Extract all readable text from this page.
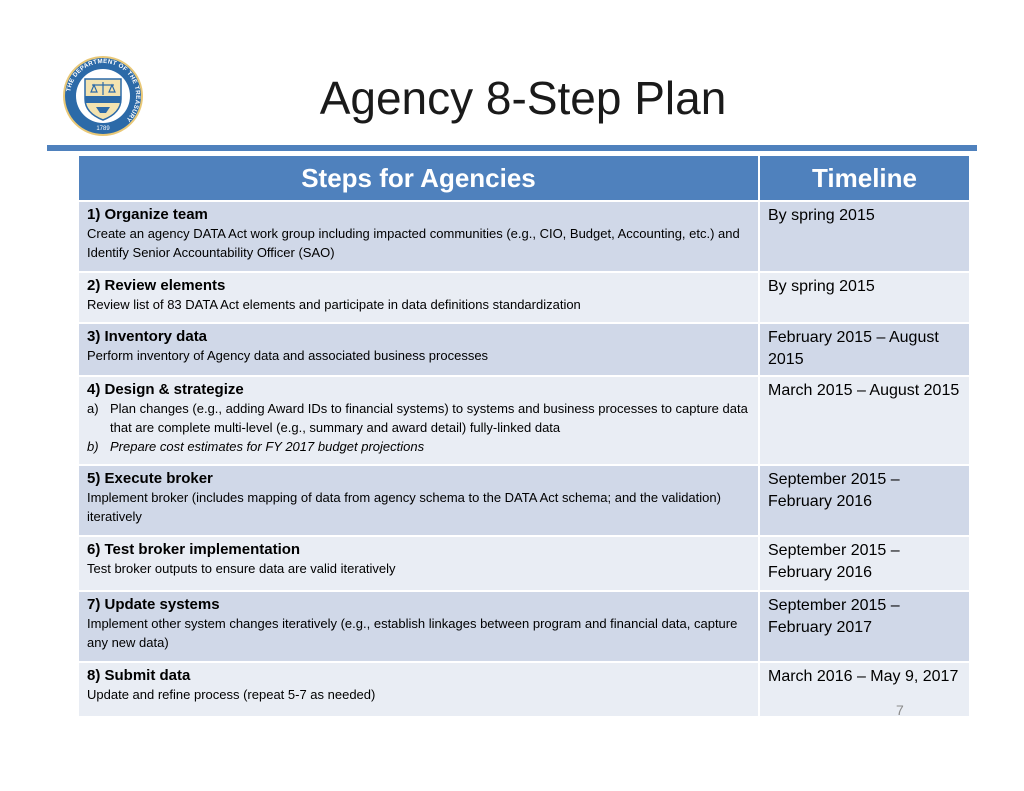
THE DEPARTMENT OF THE TREASURY
1789
Agency 8-Step Plan
Steps for Agencies	Timeline

1) Organize team
Create an agency DATA Act work group including impacted communities (e.g., CIO, Budget, Accounting, etc.) and Identify Senior Accountability Officer (SAO)	By spring 2015

2) Review elements
Review list of 83 DATA Act elements and participate in data definitions standardization	By spring 2015

3) Inventory data
Perform inventory of Agency data and associated business processes	February 2015 – August 2015

4) Design & strategize
a) Plan changes (e.g., adding Award IDs to financial systems) to systems and business processes to capture data that are complete multi-level (e.g., summary and award detail) fully-linked data
b) Prepare cost estimates for FY 2017 budget projections	March 2015 – August 2015

5) Execute broker
Implement broker (includes mapping of data from agency schema to the DATA Act schema; and the validation) iteratively	September 2015 – February 2016

6) Test broker implementation
Test broker outputs to ensure data are valid iteratively	September 2015 – February 2016

7) Update systems
Implement other system changes iteratively (e.g., establish linkages between program and financial data, capture any new data)	September 2015 – February 2017

8) Submit data
Update and refine process (repeat 5-7 as needed)	March 2016 – May 9, 2017
7
